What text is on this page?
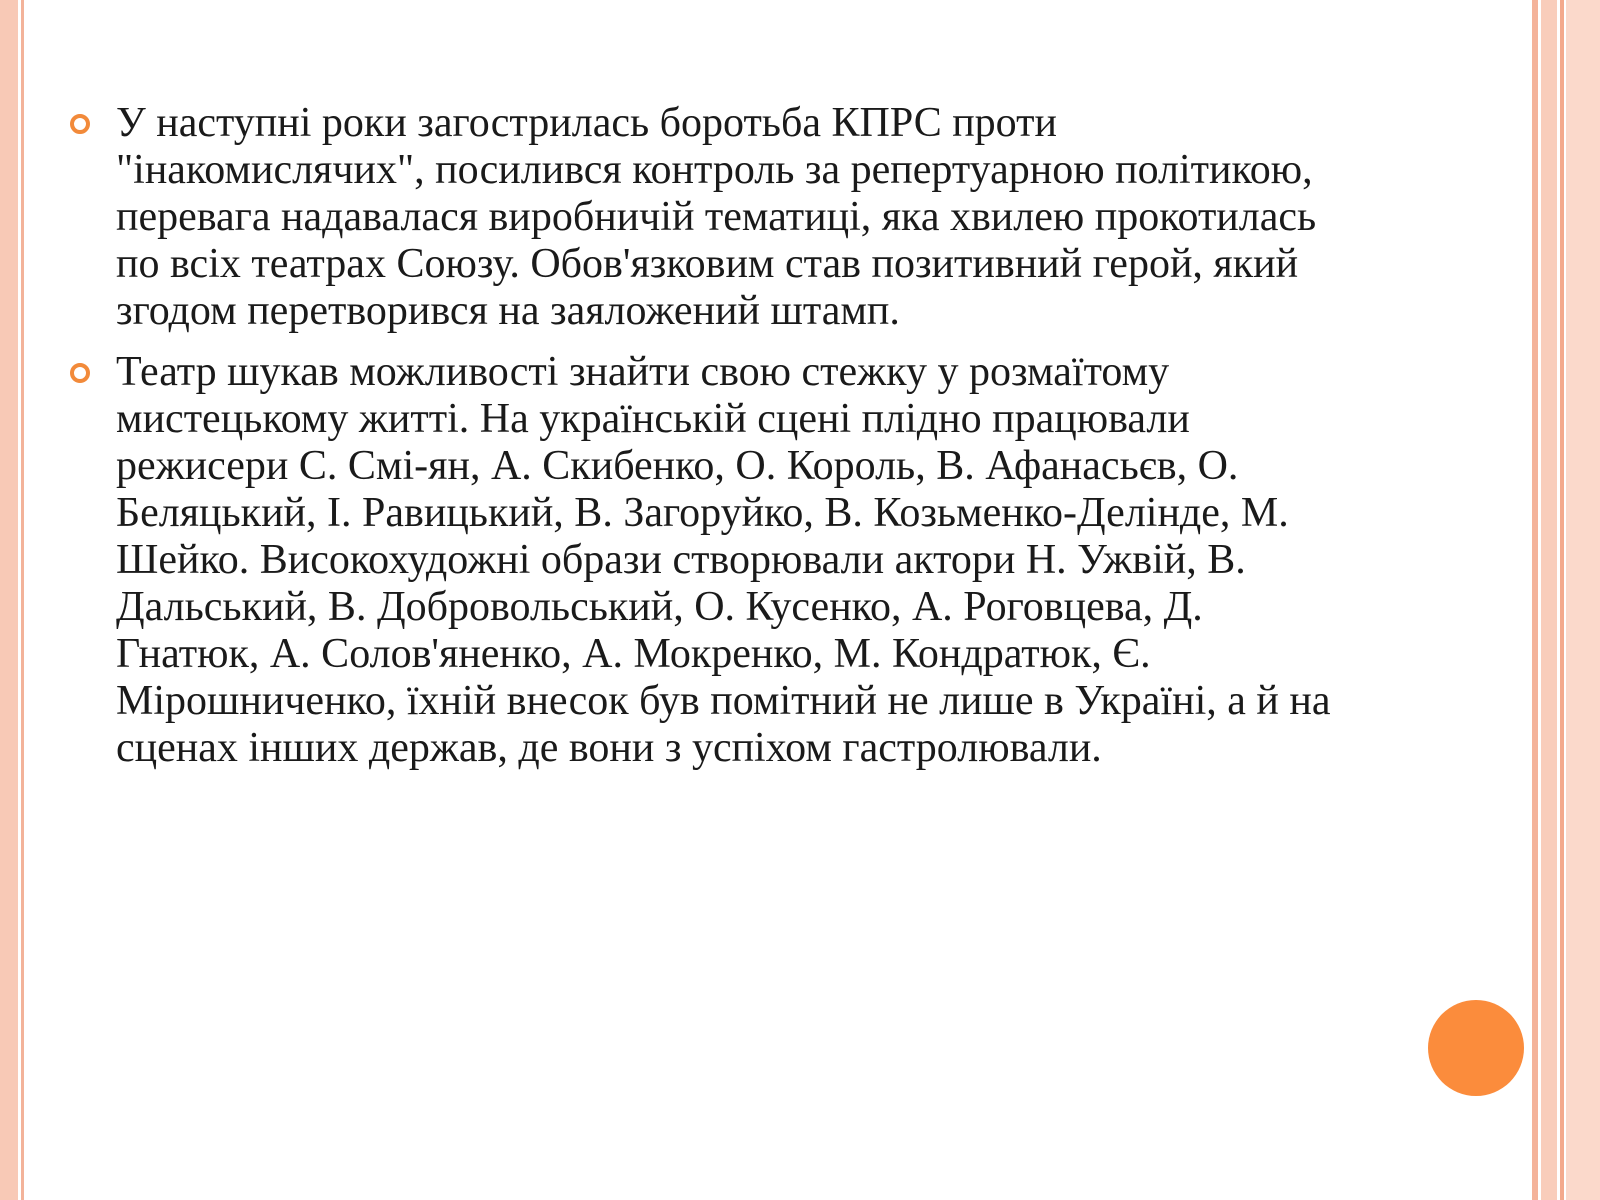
У наступні роки загострилась боротьба КПРС проти "інакомислячих", посилився контроль за репертуарною політикою, перевага надавалася виробничій тематиці, яка хвилею прокотилась по всіх театрах Союзу. Обов'язковим став позитивний герой, який згодом перетворився на заяложений штамп.
Театр шукав можливості знайти свою стежку у розмаїтому мистецькому житті. На українській сцені плідно працювали режисери С. Смі-ян, А. Скибенко, О. Король, В. Афанасьєв, О. Беляцький, І. Равицький, В. Загоруйко, В. Козьменко-Делінде, М. Шейко. Високохудожні образи створювали актори Н. Ужвій, В. Дальський, В. Добровольський, О. Кусенко, А. Роговцева, Д. Гнатюк, А. Солов'яненко, А. Мокренко, М. Кондратюк, Є. Мірошниченко, їхній внесок був помітний не лише в Україні, а й на сценах інших держав, де вони з успіхом гастролювали.
